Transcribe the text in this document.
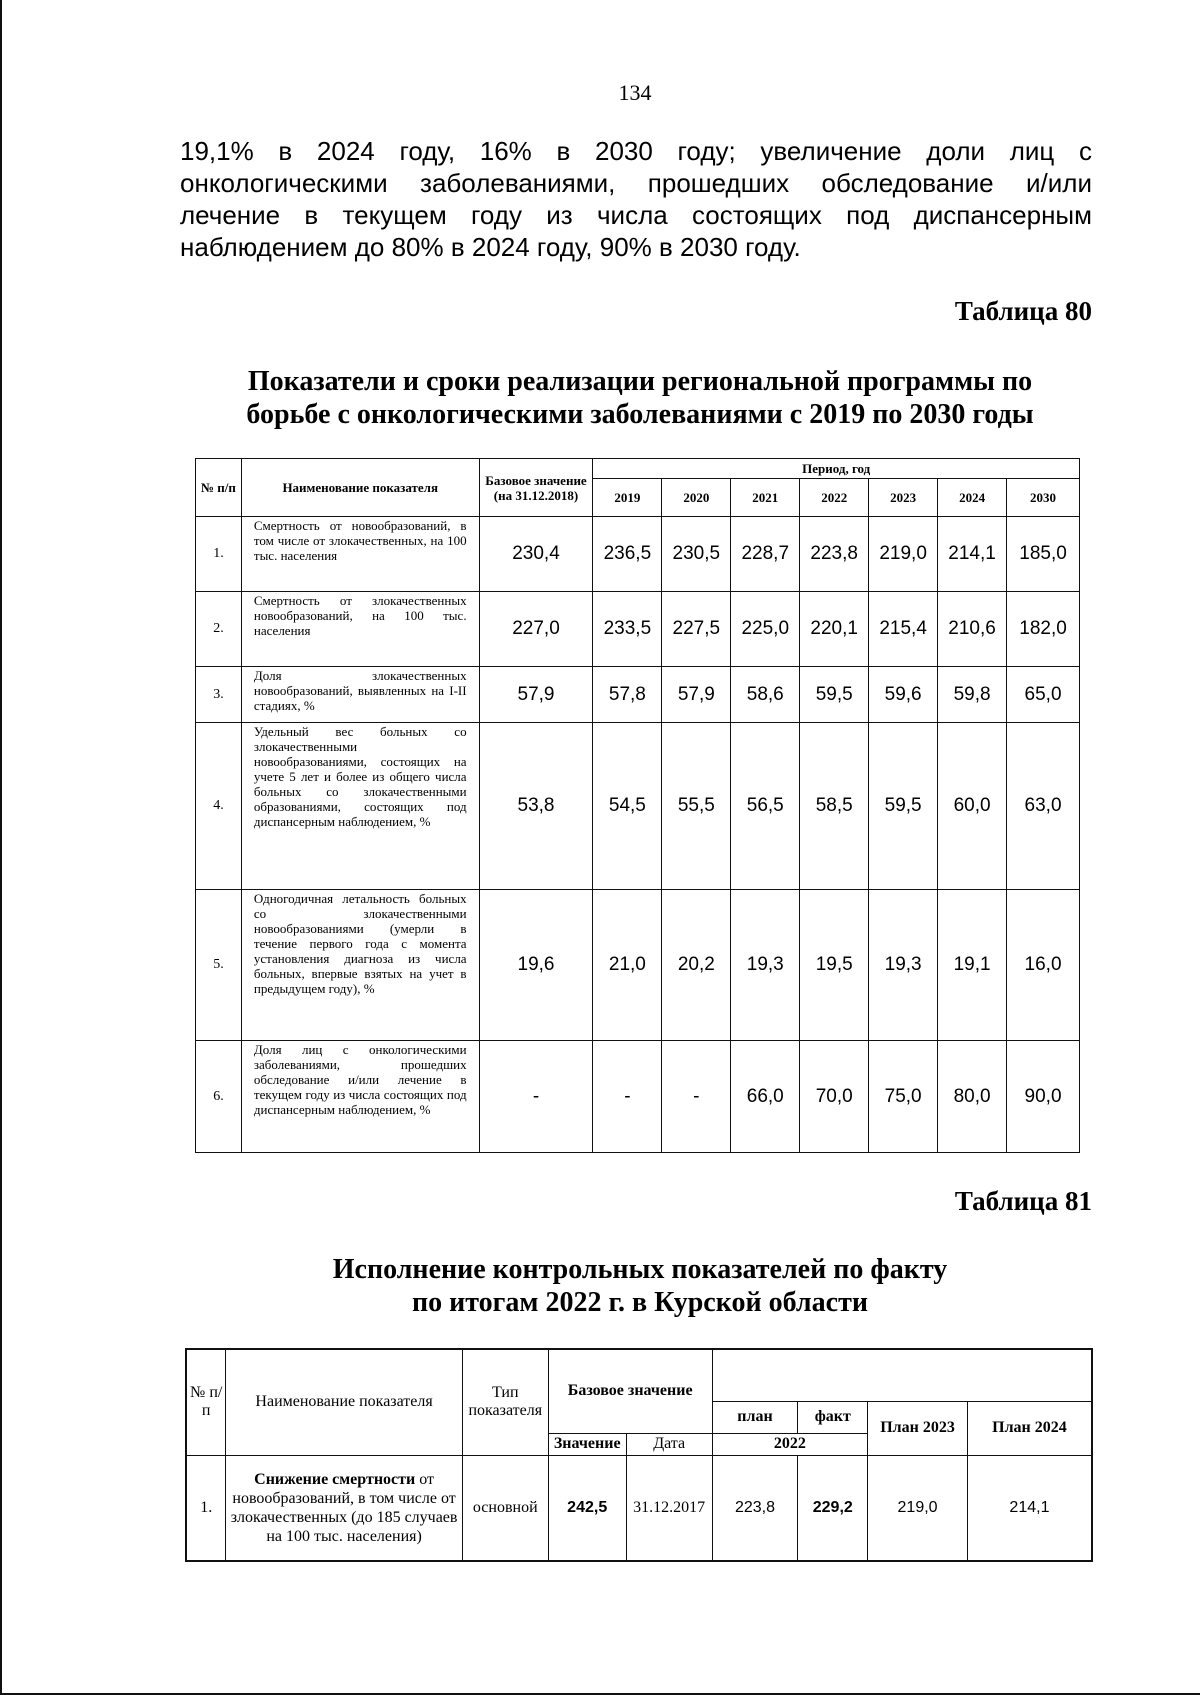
134
19,1% в 2024 году, 16% в 2030 году; увеличение доли лиц с онкологическими заболеваниями, прошедших обследование и/или лечение в текущем году из числа состоящих под диспансерным наблюдением до 80% в 2024 году, 90% в 2030 году.
Таблица 80
Показатели и сроки реализации региональной программы по
борьбе с онкологическими заболеваниями с 2019 по 2030 годы
№ п/п	Наименование показателя	Базовое значение (на 31.12.2018)	Период, год						
			2019	2020	2021	2022	2023	2024	2030
1.	Смертность от новообразований, в том числе от злокачественных, на 100 тыс. населения	230,4	236,5	230,5	228,7	223,8	219,0	214,1	185,0
2.	Смертность от злокачественных новообразований, на 100 тыс. населения	227,0	233,5	227,5	225,0	220,1	215,4	210,6	182,0
3.	Доля злокачественных новообразований, выявленных на I-II стадиях, %	57,9	57,8	57,9	58,6	59,5	59,6	59,8	65,0
4.	Удельный вес больных со злокачественными новообразованиями, состоящих на учете 5 лет и более из общего числа больных со злокачественными образованиями, состоящих под диспансерным наблюдением, %	53,8	54,5	55,5	56,5	58,5	59,5	60,0	63,0
5.	Одногодичная летальность больных со злокачественными новообразованиями (умерли в течение первого года с момента установления диагноза из числа больных, впервые взятых на учет в предыдущем году), %	19,6	21,0	20,2	19,3	19,5	19,3	19,1	16,0
6.	Доля лиц с онкологическими заболеваниями, прошедших обследование и/или лечение в текущем году из числа состоящих под диспансерным наблюдением, %	-	-	-	66,0	70,0	75,0	80,0	90,0
Таблица 81
Исполнение контрольных показателей по факту
по итогам 2022 г. в Курской области
№ п/п	Наименование показателя	Тип показателя	Базовое значение					
					план	факт	План 2023	План 2024
			Значение	Дата	2022			
1.	Снижение смертности от новообразований, в том числе от злокачественных (до 185 случаев на 100 тыс. населения)	основной	242,5	31.12.2017	223,8	229,2	219,0	214,1
